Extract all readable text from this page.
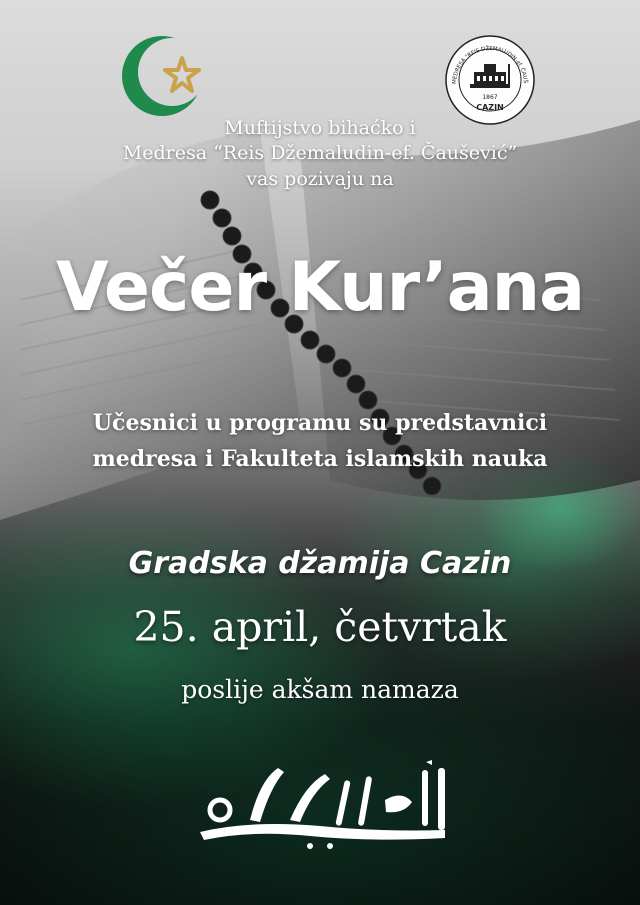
1867
CAZIN
MEDRESA "REIS DŽEMALUDIN-ef. ČAUŠ
Muftijstvo bihaćko i
Medresa “Reis Džemaludin-ef. Čaušević”
vas pozivaju na
Večer Kur’ana
Učesnici u programu su predstavnici
medresa i Fakulteta islamskih nauka
Gradska džamija Cazin
25. april, četvrtak
poslije akšam namaza
